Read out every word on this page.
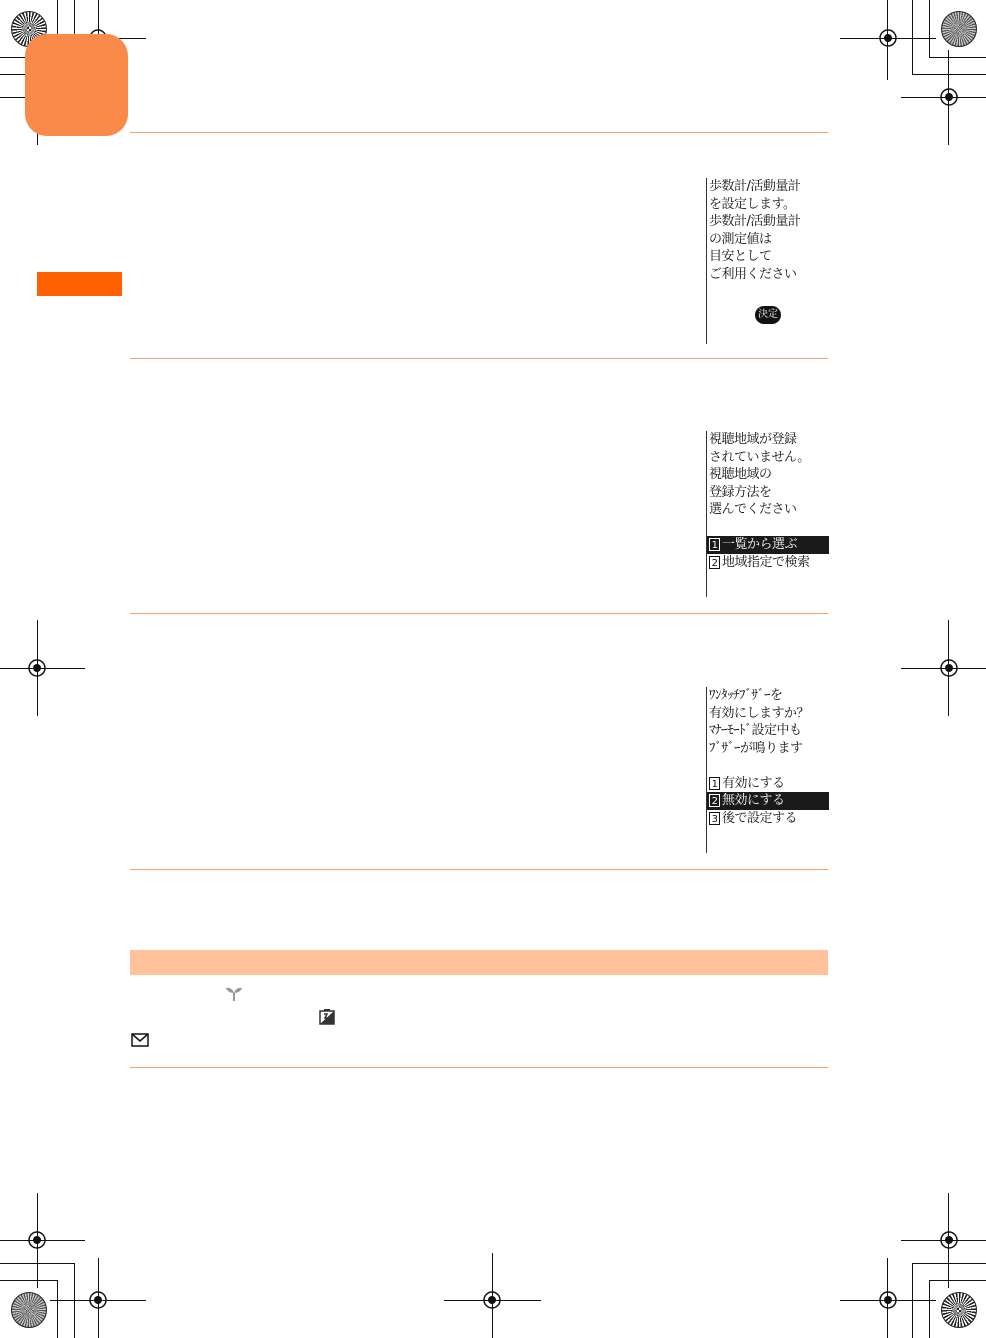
歩数計/活動量計
を設定します。
歩数計/活動量計
の測定値は
目安として
ご利用ください
決定
視聴地域が登録
されていません。
視聴地域の
登録方法を
選んでください
1 一覧から選ぶ
2 地域指定で検索
ﾜﾝﾀｯﾁﾌﾞｻﾞｰを
有効にしますか？
ﾏﾅｰﾓｰﾄﾞ設定中も
ﾌﾞｻﾞｰが鳴ります
1 有効にする
2 無効にする
3 後で設定する
